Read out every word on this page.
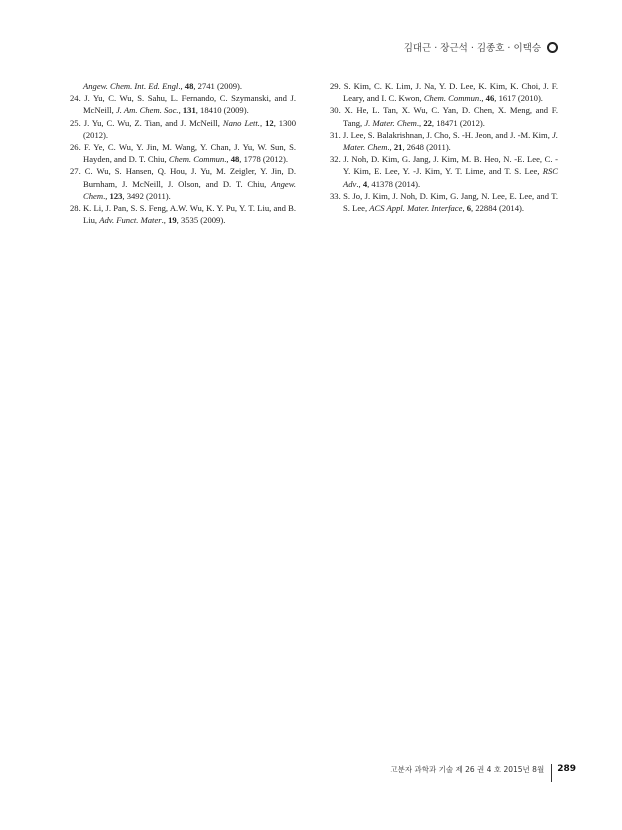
김대근 · 장근석 · 김종호 · 이택승

Angew. Chem. Int. Ed. Engl., 48, 2741 (2009).

24. J. Yu, C. Wu, S. Sahu, L. Fernando, C. Szymanski, and J. McNeill, J. Am. Chem. Soc., 131, 18410 (2009).

25. J. Yu, C. Wu, Z. Tian, and J. McNeill, Nano Lett., 12, 1300 (2012).

26. F. Ye, C. Wu, Y. Jin, M. Wang, Y. Chan, J. Yu, W. Sun, S. Hayden, and D. T. Chiu, Chem. Commun., 48, 1778 (2012).

27. C. Wu, S. Hansen, Q. Hou, J. Yu, M. Zeigler, Y. Jin, D. Burnham, J. McNeill, J. Olson, and D. T. Chiu, Angew. Chem., 123, 3492 (2011).

28. K. Li, J. Pan, S. S. Feng, A.W. Wu, K. Y. Pu, Y. T. Liu, and B. Liu, Adv. Funct. Mater., 19, 3535 (2009).

29. S. Kim, C. K. Lim, J. Na, Y. D. Lee, K. Kim, K. Choi, J. F. Leary, and I. C. Kwon, Chem. Commun., 46, 1617 (2010).

30. X. He, L. Tan, X. Wu, C. Yan, D. Chen, X. Meng, and F. Tang, J. Mater. Chem., 22, 18471 (2012).

31. J. Lee, S. Balakrishnan, J. Cho, S. -H. Jeon, and J. -M. Kim, J. Mater. Chem., 21, 2648 (2011).

32. J. Noh, D. Kim, G. Jang, J. Kim, M. B. Heo, N. -E. Lee, C. -Y. Kim, E. Lee, Y. -J. Kim, Y. T. Lime, and T. S. Lee, RSC Adv., 4, 41378 (2014).

33. S. Jo, J. Kim, J. Noh, D. Kim, G. Jang, N. Lee, E. Lee, and T. S. Lee, ACS Appl. Mater. Interface, 6, 22884 (2014).

고분자 과학과 기술 제 26 권 4 호 2015년 8월	289
